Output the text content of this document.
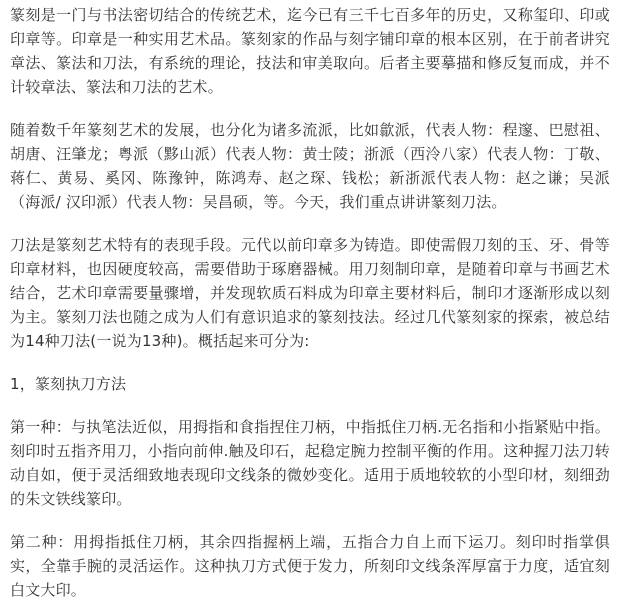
篆刻是一门与书法密切结合的传统艺术，迄今已有三千七百多年的历史，又称玺印、印或印章等。印章是一种实用艺术品。篆刻家的作品与刻字铺印章的根本区别，在于前者讲究章法、篆法和刀法，有系统的理论，技法和审美取向。后者主要摹描和修反复而成，并不计较章法、篆法和刀法的艺术。

随着数千年篆刻艺术的发展，也分化为诸多流派，比如歙派，代表人物：程邃、巴慰祖、胡唐、汪肇龙；粤派（黟山派）代表人物：黄士陵；浙派（西泠八家）代表人物：丁敬、蒋仁、黄易、奚冈、陈豫钟，陈鸿寿、赵之琛、钱松；新浙派代表人物：赵之谦；吴派（海派/ 汉印派）代表人物：吴昌硕，等。今天，我们重点讲讲篆刻刀法。

刀法是篆刻艺术特有的表现手段。元代以前印章多为铸造。即使需假刀刻的玉、牙、骨等印章材料，也因硬度较高，需要借助于琢磨器械。用刀刻制印章，是随着印章与书画艺术结合，艺术印章需要量骤增，并发现软质石料成为印章主要材料后，制印才逐渐形成以刻为主。篆刻刀法也随之成为人们有意识追求的篆刻技法。经过几代篆刻家的探索，被总结为14种刀法(一说为13种)。概括起来可分为:

1，篆刻执刀方法

第一种：与执笔法近似，用拇指和食指捏住刀柄，中指抵住刀柄.无名指和小指紧贴中指。刻印时五指齐用刀，小指向前伸.触及印石，起稳定腕力控制平衡的作用。这种握刀法刀转动自如，便于灵活细致地表现印文线条的微妙变化。适用于质地较软的小型印材，刻细劲的朱文铁线篆印。

第二种：用拇指抵住刀柄，其余四指握柄上端，五指合力自上而下运刀。刻印时指掌俱实，全靠手腕的灵活运作。这种执刀方式便于发力，所刻印文线条浑厚富于力度，适宜刻白文大印。
